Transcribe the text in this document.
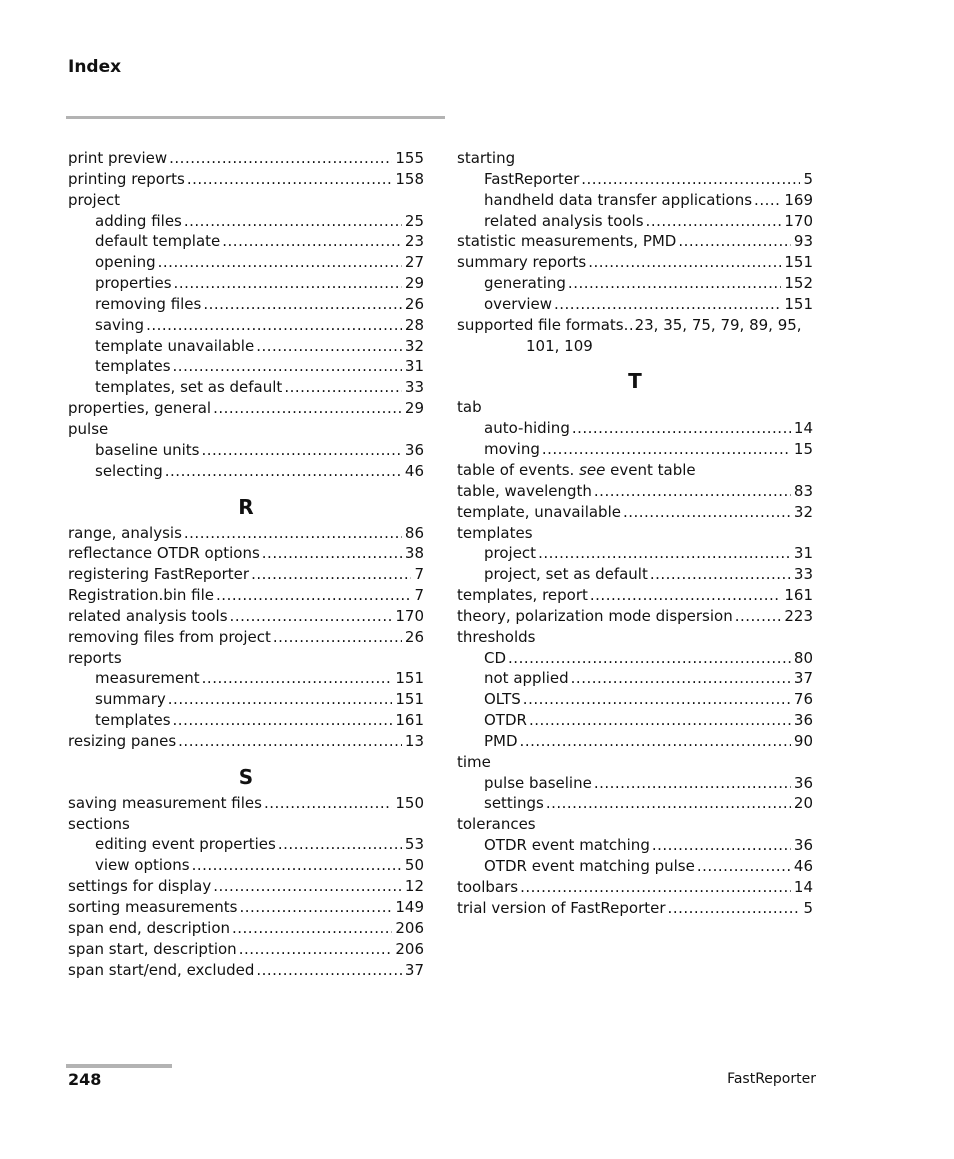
Index
print preview .....	155
printing reports .....	158
project
adding files .....	25
default template .....	23
opening .....	27
properties .....	29
removing files .....	26
saving .....	28
template unavailable .....	32
templates .....	31
templates, set as default .....	33
properties, general .....	29
pulse
baseline units .....	36
selecting .....	46
R
range, analysis .....	86
reflectance OTDR options .....	38
registering FastReporter .....	7
Registration.bin file .....	7
related analysis tools .....	170
removing files from project .....	26
reports
measurement .....	151
summary .....	151
templates .....	161
resizing panes .....	13
S
saving measurement files .....	150
sections
editing event properties .....	53
view options .....	50
settings for display .....	12
sorting measurements .....	149
span end, description .....	206
span start, description .....	206
span start/end, excluded .....	37
starting
FastReporter .....	5
handheld data transfer applications ..... 169
related analysis tools .....	170
statistic measurements, PMD .....	93
summary reports .....	151
generating .....	152
overview .....	151
supported file formats ..... 23, 35, 75, 79, 89, 95,
101, 109
T
tab
auto-hiding .....	14
moving .....	15
table of events.
see
event table
table, wavelength .....	83
template, unavailable .....	32
templates
project .....	31
project, set as default .....	33
templates, report .....	161
theory, polarization mode dispersion .....	223
thresholds
CD .....	80
not applied .....	37
OLTS .....	76
OTDR .....	36
PMD .....	90
time
pulse baseline .....	36
settings .....	20
tolerances
OTDR event matching .....	36
OTDR event matching pulse .....	46
toolbars .....	14
trial version of FastReporter .....	5
248	FastReporter
